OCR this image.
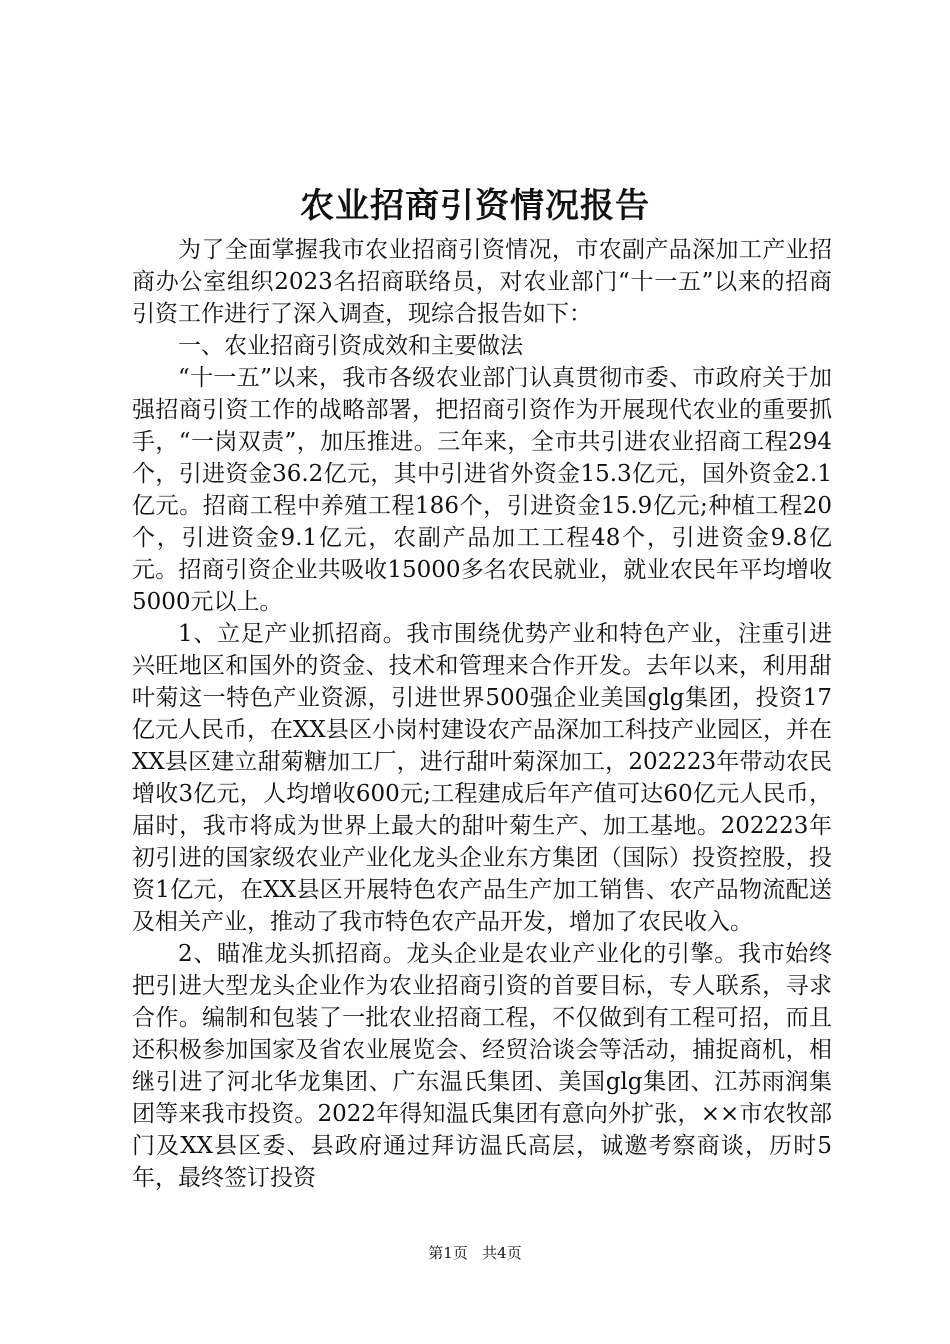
农业招商引资情况报告

为了全面掌握我市农业招商引资情况，市农副产品深加工产业招商办公室组织2023名招商联络员，对农业部门“十一五”以来的招商引资工作进行了深入调查，现综合报告如下：

一、农业招商引资成效和主要做法

“十一五”以来，我市各级农业部门认真贯彻市委、市政府关于加强招商引资工作的战略部署，把招商引资作为开展现代农业的重要抓手，“一岗双责”，加压推进。三年来，全市共引进农业招商工程294个，引进资金36.2亿元，其中引进省外资金15.3亿元，国外资金2.1亿元。招商工程中养殖工程186个，引进资金15.9亿元;种植工程20个，引进资金9.1亿元，农副产品加工工程48个，引进资金9.8亿元。招商引资企业共吸收15000多名农民就业，就业农民年平均增收5000元以上。

1、立足产业抓招商。我市围绕优势产业和特色产业，注重引进兴旺地区和国外的资金、技术和管理来合作开发。去年以来，利用甜叶菊这一特色产业资源，引进世界500强企业美国glg集团，投资17亿元人民币，在XX县区小岗村建设农产品深加工科技产业园区，并在XX县区建立甜菊糖加工厂，进行甜叶菊深加工，202223年带动农民增收3亿元，人均增收600元;工程建成后年产值可达60亿元人民币，届时，我市将成为世界上最大的甜叶菊生产、加工基地。202223年初引进的国家级农业产业化龙头企业东方集团（国际）投资控股，投资1亿元，在XX县区开展特色农产品生产加工销售、农产品物流配送及相关产业，推动了我市特色农产品开发，增加了农民收入。

2、瞄准龙头抓招商。龙头企业是农业产业化的引擎。我市始终把引进大型龙头企业作为农业招商引资的首要目标，专人联系，寻求合作。编制和包装了一批农业招商工程，不仅做到有工程可招，而且还积极参加国家及省农业展览会、经贸洽谈会等活动，捕捉商机，相继引进了河北华龙集团、广东温氏集团、美国glg集团、江苏雨润集团等来我市投资。2022年得知温氏集团有意向外扩张，××市农牧部门及XX县区委、县政府通过拜访温氏高层，诚邀考察商谈，历时5年，最终签订投资

第1页 共4页
